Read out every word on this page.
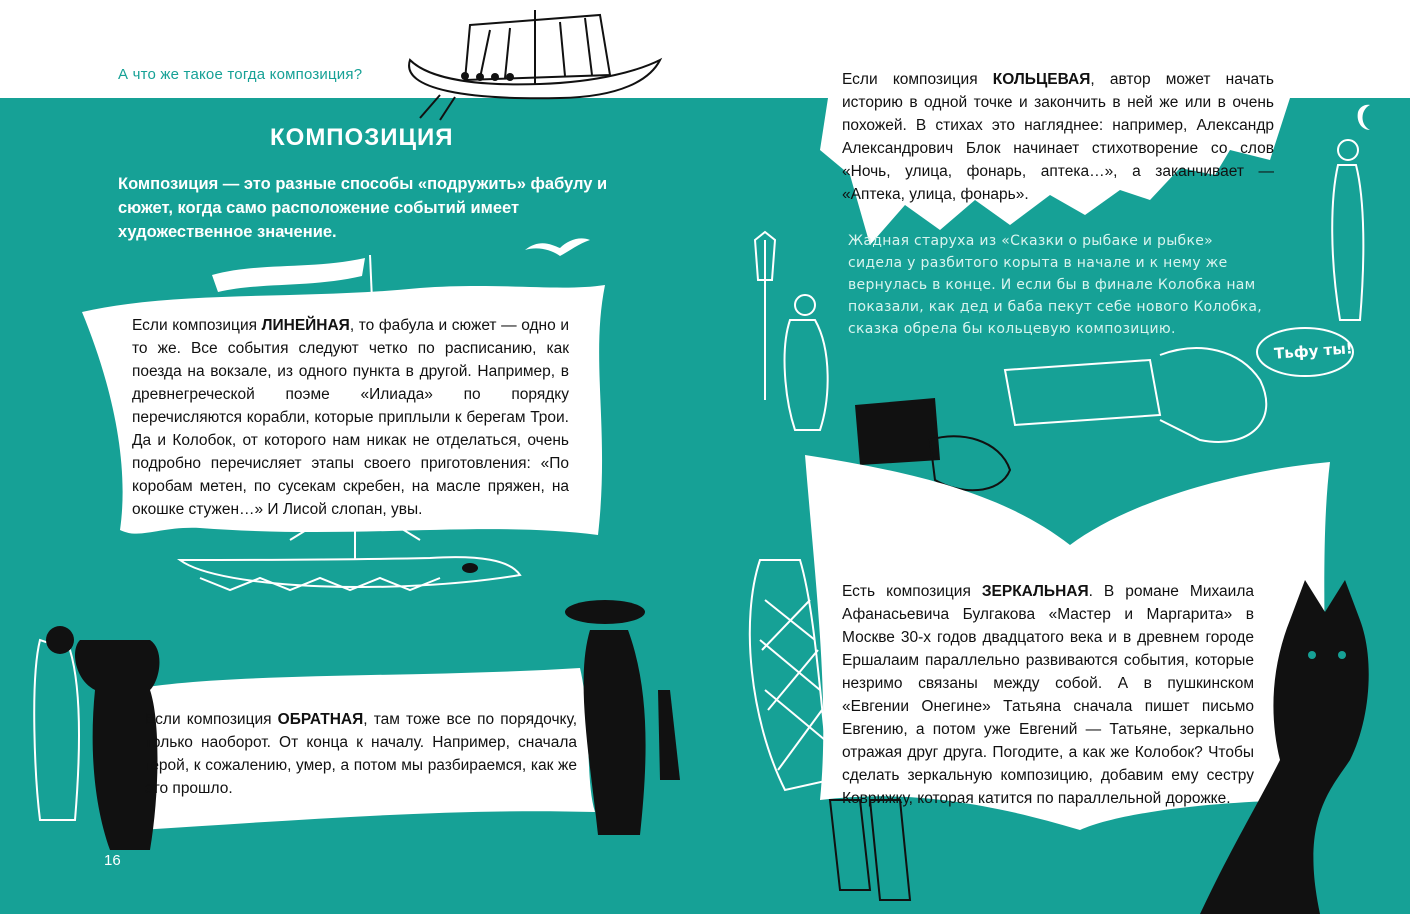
А что же такое тогда композиция?
КОМПОЗИЦИЯ
Композиция — это разные способы «подружить» фабулу и сюжет, когда само расположение событий имеет художественное значение.
Если композиция ЛИНЕЙНАЯ, то фабула и сюжет — одно и то же. Все события следуют четко по расписанию, как поезда на вокзале, из одного пункта в другой. Например, в древнегреческой поэме «Илиада» по порядку перечисляются корабли, которые приплыли к берегам Трои. Да и Колобок, от которого нам никак не отделаться, очень подробно перечисляет этапы своего приготовления: «По коробам метен, по сусекам скребен, на масле пряжен, на окошке стужен…» И Лисой слопан, увы.
Если композиция ОБРАТНАЯ, там тоже все по порядочку, только наоборот. От конца к началу. Например, сначала герой, к сожалению, умер, а потом мы разбираемся, как же это прошло.
Если композиция КОЛЬЦЕВАЯ, автор может начать историю в одной точке и закончить в ней же или в очень похожей. В стихах это нагляднее: например, Александр Александрович Блок начинает стихотворение со слов «Ночь, улица, фонарь, аптека…», а заканчивает — «Аптека, улица, фонарь».
Жадная старуха из «Сказки о рыбаке и рыбке» сидела у разбитого корыта в начале и к нему же вернулась в конце. И если бы в финале Колобка нам показали, как дед и баба пекут себе нового Колобка, сказка обрела бы кольцевую композицию.
Тьфу ты!
Есть композиция ЗЕРКАЛЬНАЯ. В романе Михаила Афанасьевича Булгакова «Мастер и Маргарита» в Москве 30-х годов двадцатого века и в древнем городе Ершалаим параллельно развиваются события, которые незримо связаны между собой. А в пушкинском «Евгении Онегине» Татьяна сначала пишет письмо Евгению, а потом уже Евгений — Татьяне, зеркально отражая друг друга. Погодите, а как же Колобок? Чтобы сделать зеркальную композицию, добавим ему сестру Коврижку, которая катится по параллельной дорожке.
16
